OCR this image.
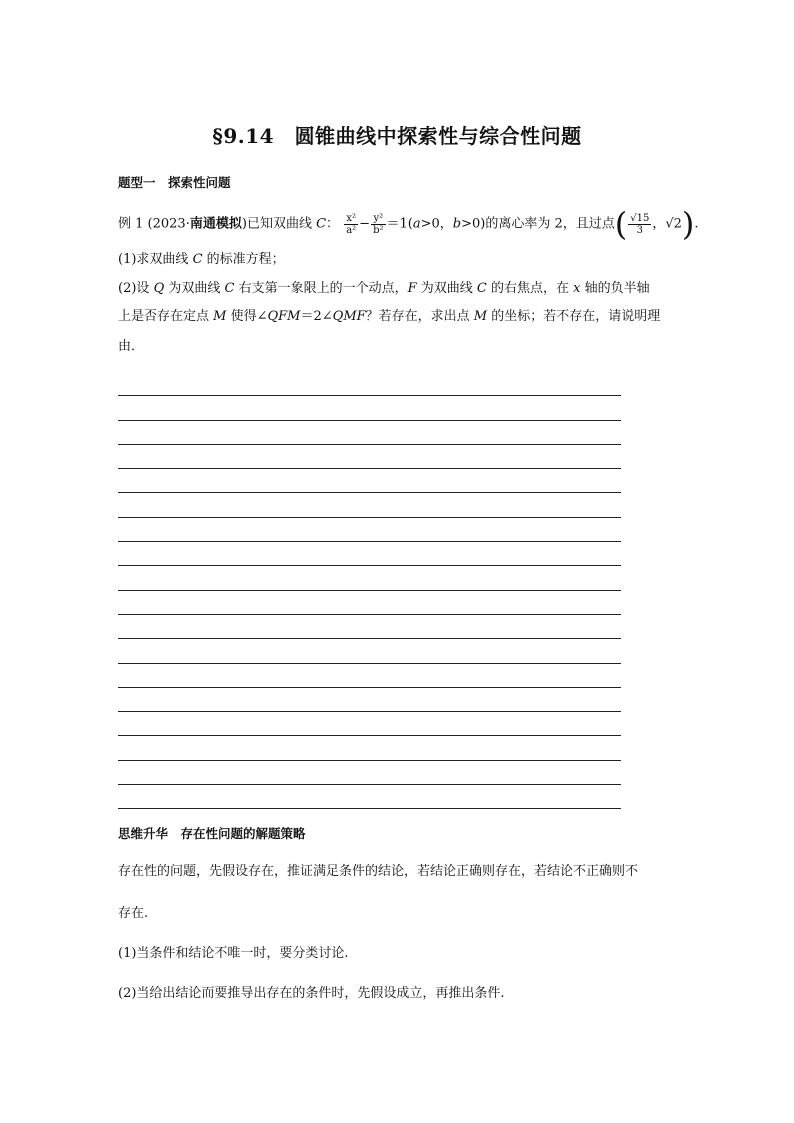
§9.14　圆锥曲线中探索性与综合性问题
题型一　探索性问题
例 1 (2023·南通模拟)已知双曲线 C： $\frac{\text{x²}}{\text{a²}} - \frac{\text{y²}}{\text{b²}} =1(a>0$，b>0)的离心率为 2，且过点( $\frac{√15}{3}$ ，√2).
(1)求双曲线 C 的标准方程；
(2)设 Q 为双曲线 C 右支第一象限上的一个动点，F 为双曲线 C 的右焦点，在 x 轴的负半轴
上是否存在定点 M 使得∠QFM＝2∠QMF？若存在，求出点 M 的坐标；若不存在，请说明理
由．
思维升华　存在性问题的解题策略
存在性的问题，先假设存在，推证满足条件的结论，若结论正确则存在，若结论不正确则不
存在.
(1)当条件和结论不唯一时，要分类讨论.
(2)当给出结论而要推导出存在的条件时，先假设成立，再推出条件.
